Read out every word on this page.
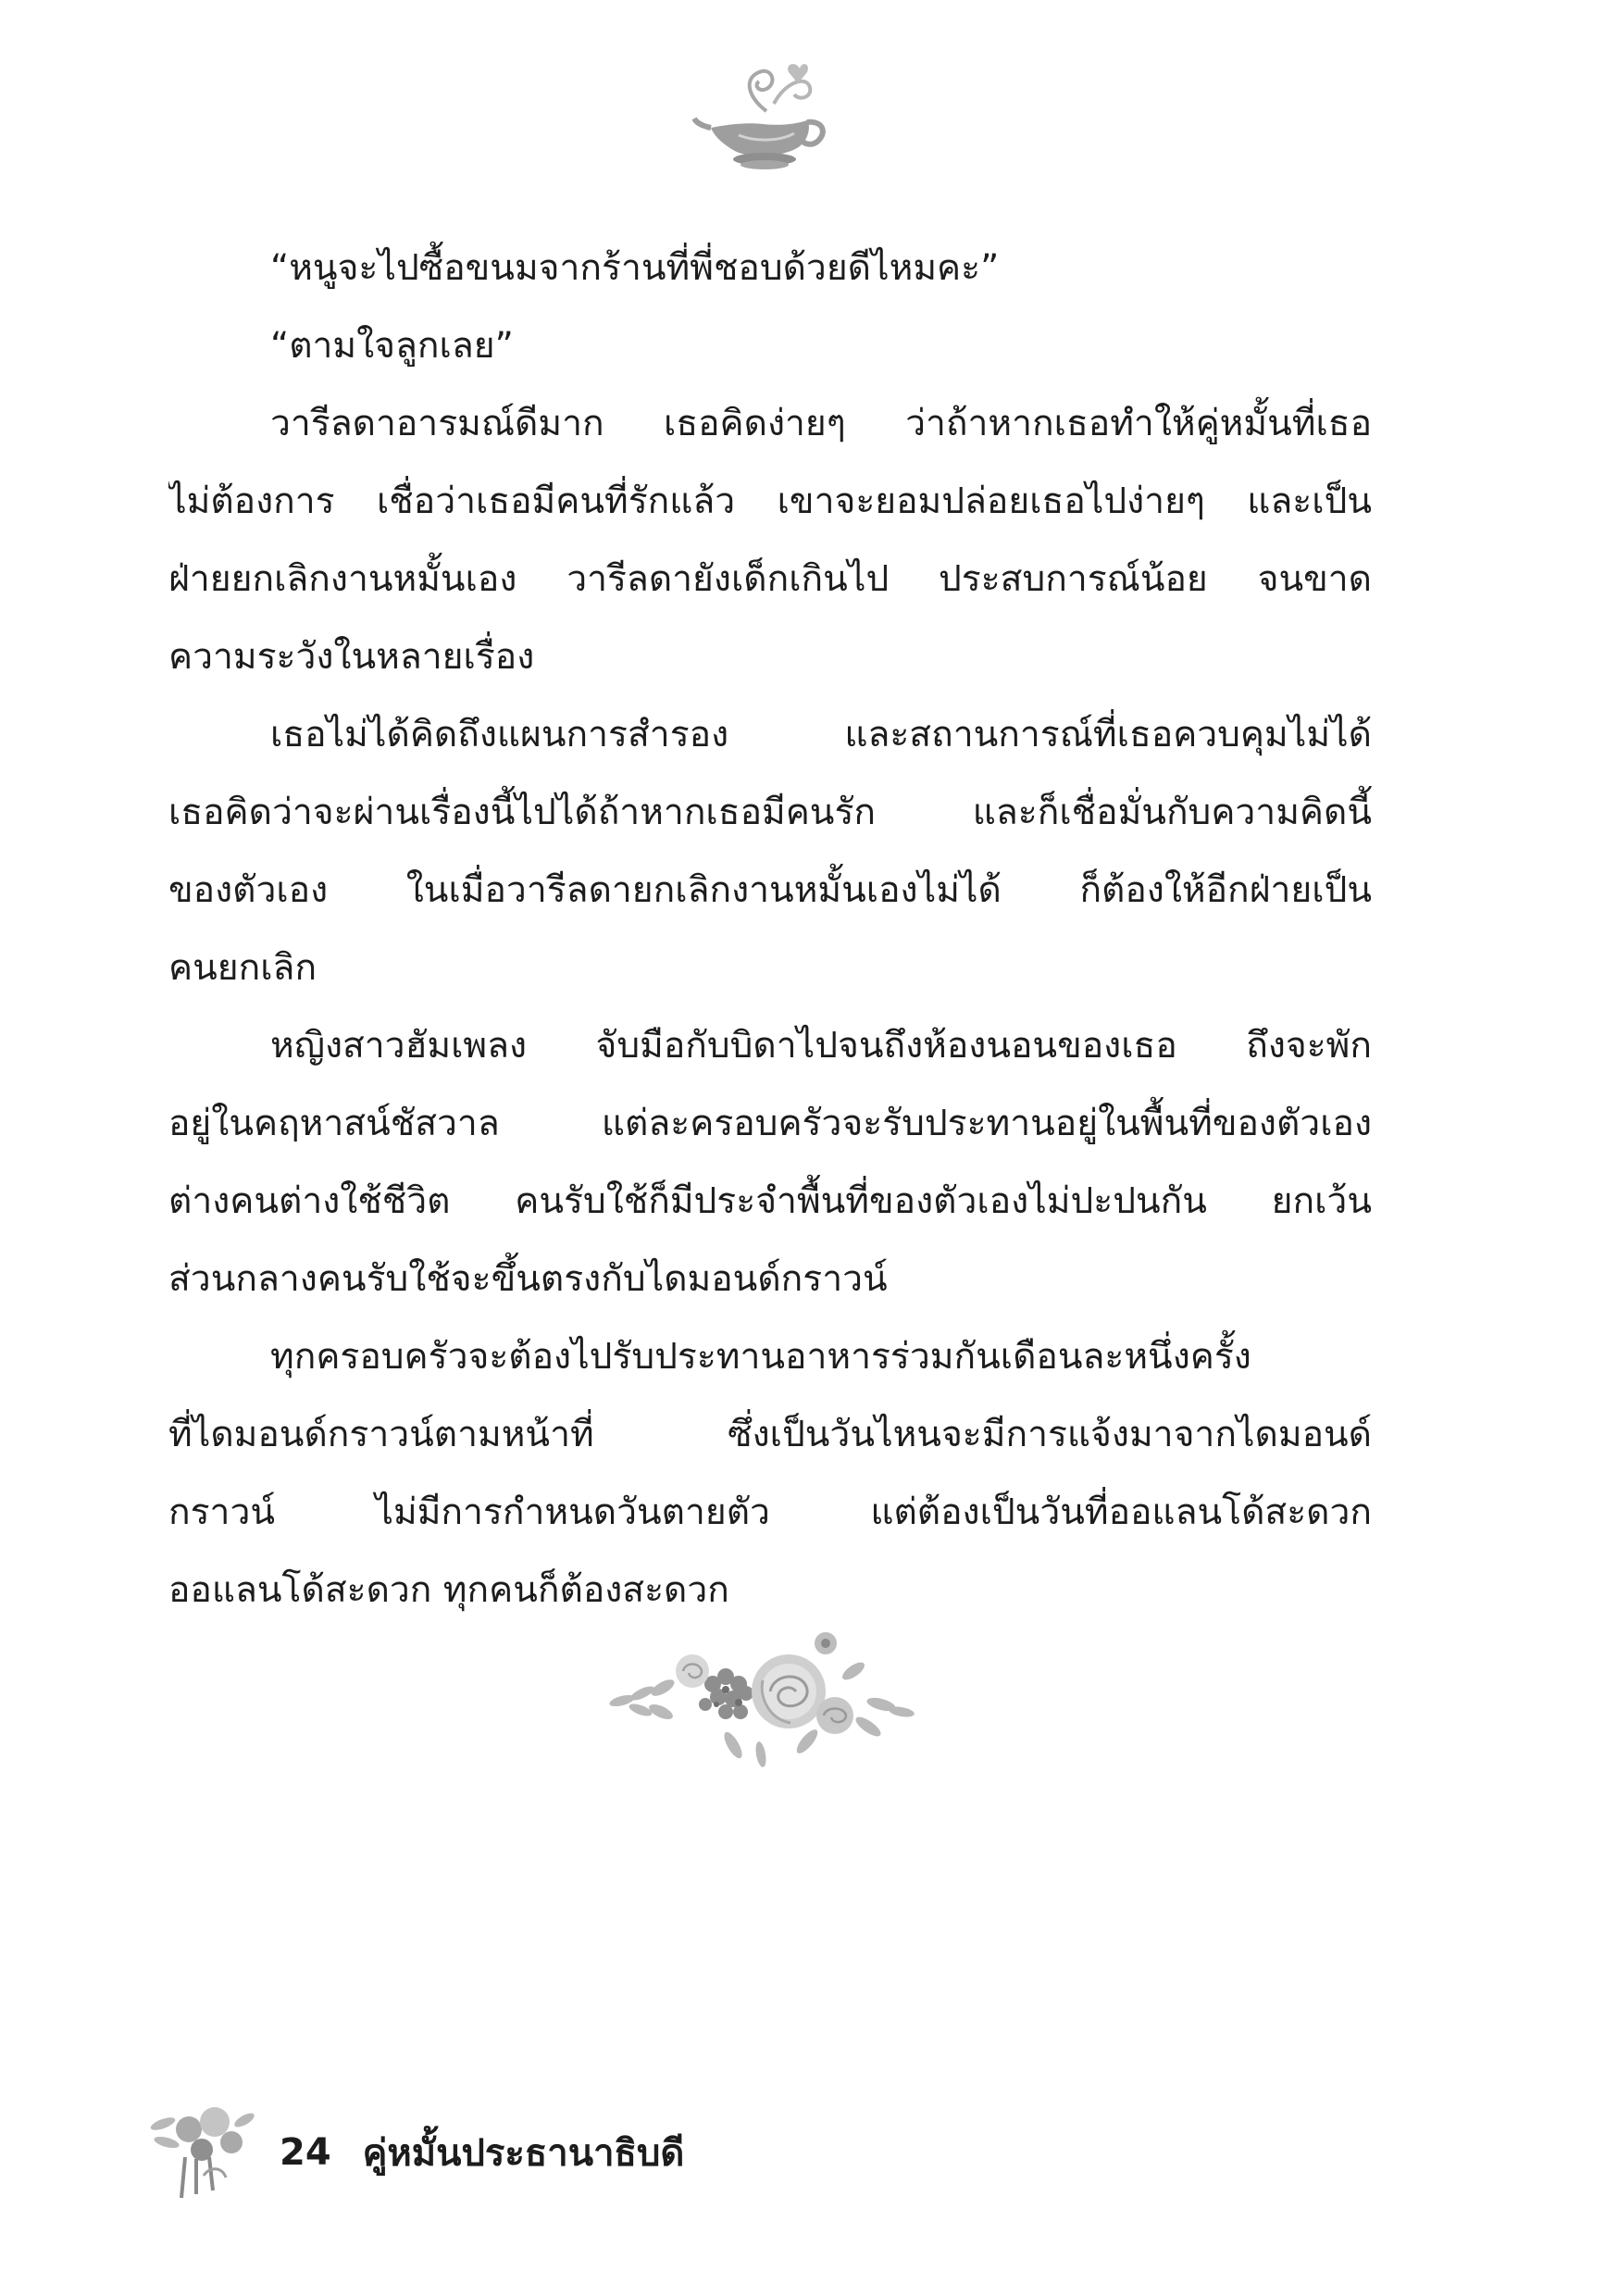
“หนูจะไปซื้อขนมจากร้านที่พี่ชอบด้วยดีไหมคะ”
“ตามใจลูกเลย”
วารีลดาอารมณ์ดีมาก เธอคิดง่ายๆ ว่าถ้าหากเธอทำให้คู่หมั้นที่เธอ
ไม่ต้องการ เชื่อว่าเธอมีคนที่รักแล้ว เขาจะยอมปล่อยเธอไปง่ายๆ และเป็น
ฝ่ายยกเลิกงานหมั้นเอง วารีลดายังเด็กเกินไป ประสบการณ์น้อย จนขาด
ความระวังในหลายเรื่อง
เธอไม่ได้คิดถึงแผนการสำรอง และสถานการณ์ที่เธอควบคุมไม่ได้
เธอคิดว่าจะผ่านเรื่องนี้ไปได้ถ้าหากเธอมีคนรัก และก็เชื่อมั่นกับความคิดนี้
ของตัวเอง ในเมื่อวารีลดายกเลิกงานหมั้นเองไม่ได้ ก็ต้องให้อีกฝ่ายเป็น
คนยกเลิก
หญิงสาวฮัมเพลง จับมือกับบิดาไปจนถึงห้องนอนของเธอ ถึงจะพัก
อยู่ในคฤหาสน์ชัสวาล แต่ละครอบครัวจะรับประทานอยู่ในพื้นที่ของตัวเอง
ต่างคนต่างใช้ชีวิต คนรับใช้ก็มีประจำพื้นที่ของตัวเองไม่ปะปนกัน ยกเว้น
ส่วนกลางคนรับใช้จะขึ้นตรงกับไดมอนด์กราวน์
ทุกครอบครัวจะต้องไปรับประทานอาหารร่วมกันเดือนละหนึ่งครั้ง
ที่ไดมอนด์กราวน์ตามหน้าที่ ซึ่งเป็นวันไหนจะมีการแจ้งมาจากไดมอนด์
กราวน์ ไม่มีการกำหนดวันตายตัว แต่ต้องเป็นวันที่ออแลนโด้สะดวก
ออแลนโด้สะดวก ทุกคนก็ต้องสะดวก
24 คู่หมั้นประธานาธิบดี
